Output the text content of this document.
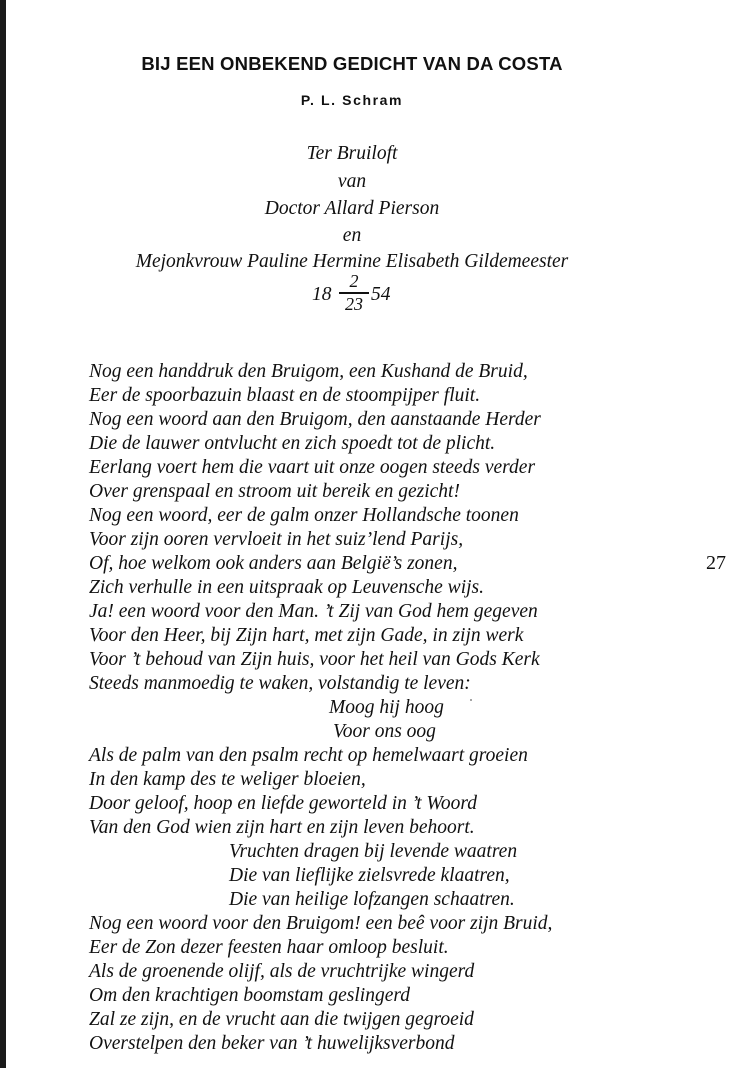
BIJ EEN ONBEKEND GEDICHT VAN DA COSTA
P. L. Schram
Ter Bruiloft
van
Doctor Allard Pierson
en
Mejonkvrouw Pauline Hermine Elisabeth Gildemeester
18
2
23 54
Nog een handdruk den Bruigom, een Kushand de Bruid,
Eer de spoorbazuin blaast en de stoompijper fluit.
Nog een woord aan den Bruigom, den aanstaande Herder
Die de lauwer ontvlucht en zich spoedt tot de plicht.
Eerlang voert hem die vaart uit onze oogen steeds verder
Over grenspaal en stroom uit bereik en gezicht!
Nog een woord, eer de galm onzer Hollandsche toonen
Voor zijn ooren vervloeit in het suiz’lend Parijs,
Of, hoe welkom ook anders aan België’s zonen,
Zich verhulle in een uitspraak op Leuvensche wijs.
Ja! een woord voor den Man. ’t Zij van God hem gegeven
Voor den Heer, bij Zijn hart, met zijn Gade, in zijn werk
Voor ’t behoud van Zijn huis, voor het heil van Gods Kerk
Steeds manmoedig te waken, volstandig te leven:
Moog hij hoog
Voor ons oog
Als de palm van den psalm recht op hemelwaart groeien
In den kamp des te weliger bloeien,
Door geloof, hoop en liefde geworteld in ’t Woord
Van den God wien zijn hart en zijn leven behoort.
Vruchten dragen bij levende waatren
Die van lieflijke zielsvrede klaatren,
Die van heilige lofzangen schaatren.
Nog een woord voor den Bruigom! een beê voor zijn Bruid,
Eer de Zon dezer feesten haar omloop besluit.
Als de groenende olijf, als de vruchtrijke wingerd
Om den krachtigen boomstam geslingerd
Zal ze zijn, en de vrucht aan die twijgen gegroeid
Overstelpen den beker van ’t huwelijksverbond
27
